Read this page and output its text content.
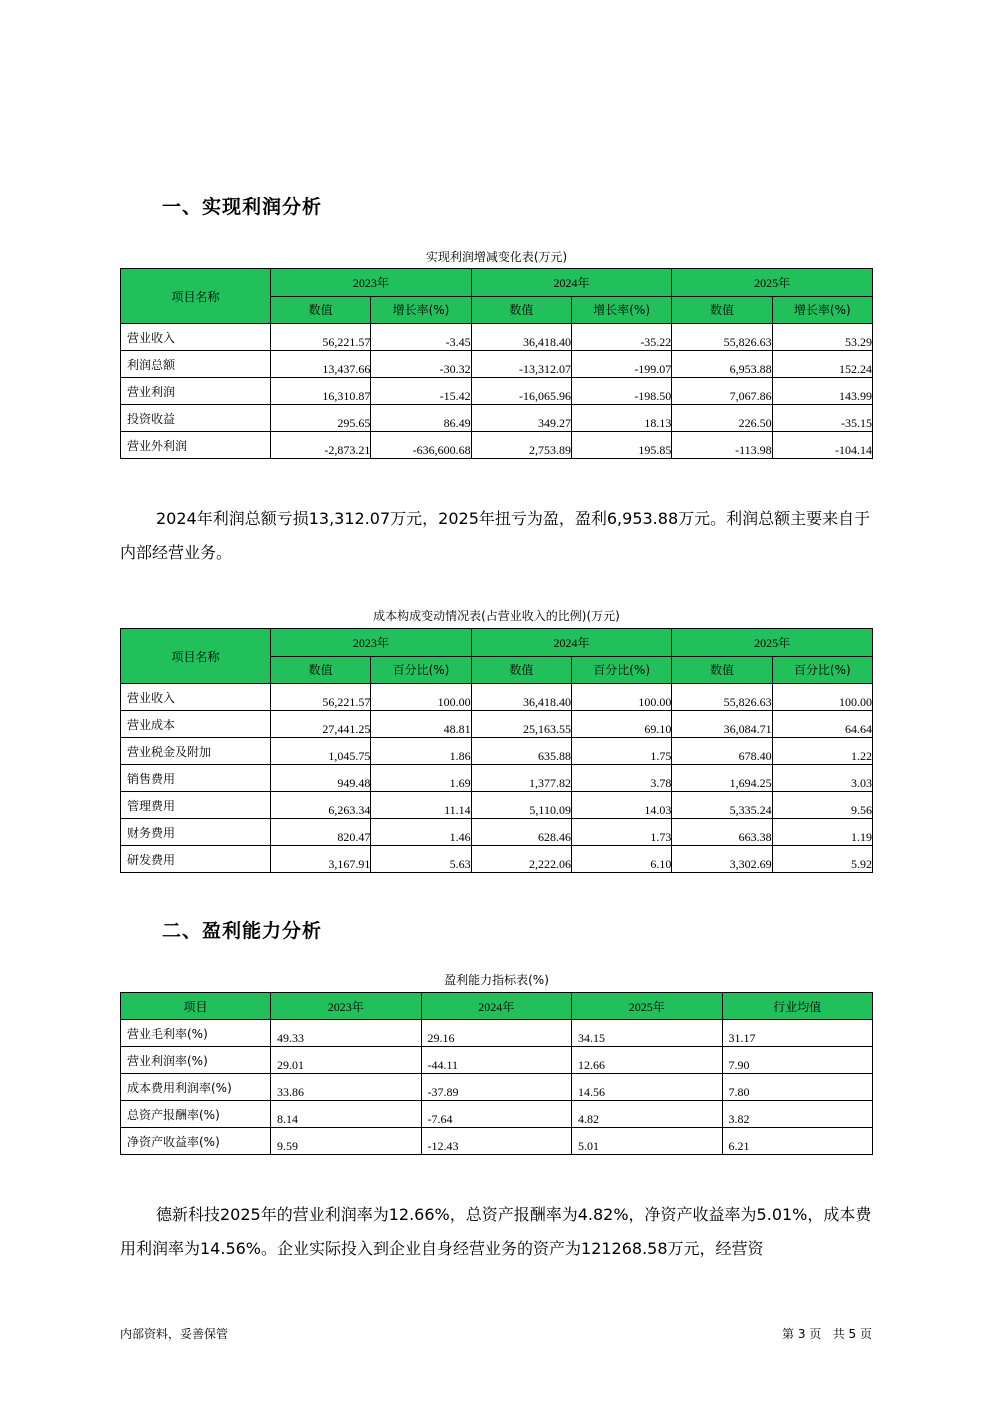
一、实现利润分析
实现利润增减变化表(万元)
项目名称	2023年		2024年		2025年	
	数值	增长率(%)	数值	增长率(%)	数值	增长率(%)
营业收入	56,221.57	-3.45	36,418.40	-35.22	55,826.63	53.29
利润总额	13,437.66	-30.32	-13,312.07	-199.07	6,953.88	152.24
营业利润	16,310.87	-15.42	-16,065.96	-198.50	7,067.86	143.99
投资收益	295.65	86.49	349.27	18.13	226.50	-35.15
营业外利润	-2,873.21	-636,600.68	2,753.89	195.85	-113.98	-104.14
2024年利润总额亏损13,312.07万元，2025年扭亏为盈，盈利6,953.88万元。利润总额主要来自于内部经营业务。
成本构成变动情况表(占营业收入的比例)(万元)
项目名称	2023年		2024年		2025年	
	数值	百分比(%)	数值	百分比(%)	数值	百分比(%)
营业收入	56,221.57	100.00	36,418.40	100.00	55,826.63	100.00
营业成本	27,441.25	48.81	25,163.55	69.10	36,084.71	64.64
营业税金及附加	1,045.75	1.86	635.88	1.75	678.40	1.22
销售费用	949.48	1.69	1,377.82	3.78	1,694.25	3.03
管理费用	6,263.34	11.14	5,110.09	14.03	5,335.24	9.56
财务费用	820.47	1.46	628.46	1.73	663.38	1.19
研发费用	3,167.91	5.63	2,222.06	6.10	3,302.69	5.92
二、盈利能力分析
盈利能力指标表(%)
项目	2023年	2024年	2025年	行业均值
营业毛利率(%)	49.33	29.16	34.15	31.17
营业利润率(%)	29.01	-44.11	12.66	7.90
成本费用利润率(%)	33.86	-37.89	14.56	7.80
总资产报酬率(%)	8.14	-7.64	4.82	3.82
净资产收益率(%)	9.59	-12.43	5.01	6.21
德新科技2025年的营业利润率为12.66%，总资产报酬率为4.82%，净资产收益率为5.01%，成本费用利润率为14.56%。企业实际投入到企业自身经营业务的资产为121268.58万元，经营资
内部资料，妥善保管	第 3 页   共 5 页
